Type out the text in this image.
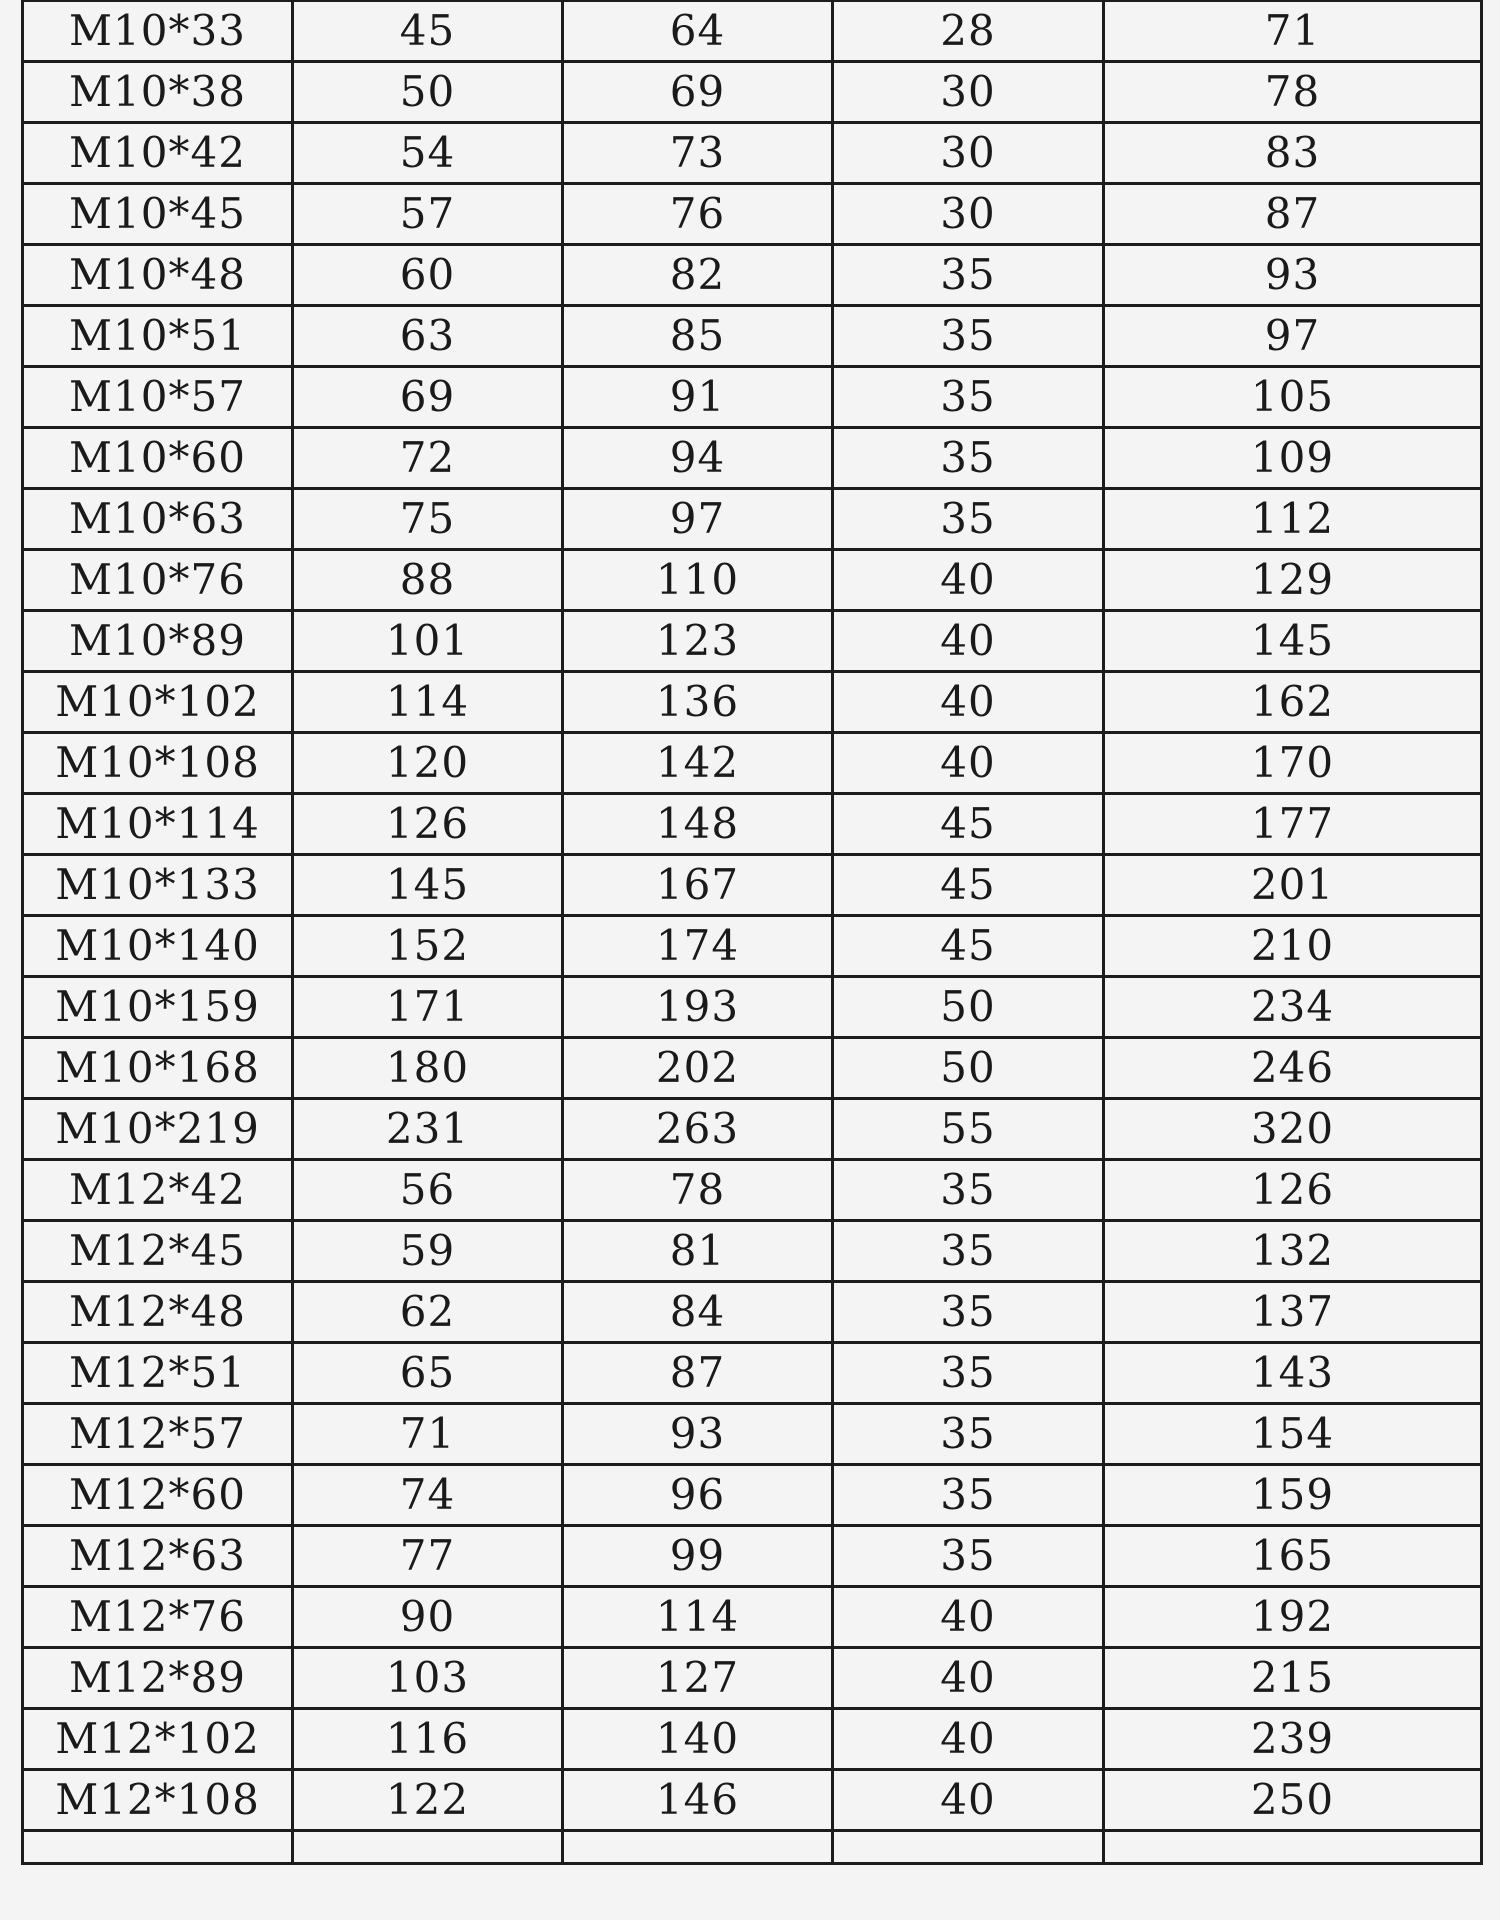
M10*33	45	64	28	71
M10*38	50	69	30	78
M10*42	54	73	30	83
M10*45	57	76	30	87
M10*48	60	82	35	93
M10*51	63	85	35	97
M10*57	69	91	35	105
M10*60	72	94	35	109
M10*63	75	97	35	112
M10*76	88	110	40	129
M10*89	101	123	40	145
M10*102	114	136	40	162
M10*108	120	142	40	170
M10*114	126	148	45	177
M10*133	145	167	45	201
M10*140	152	174	45	210
M10*159	171	193	50	234
M10*168	180	202	50	246
M10*219	231	263	55	320
M12*42	56	78	35	126
M12*45	59	81	35	132
M12*48	62	84	35	137
M12*51	65	87	35	143
M12*57	71	93	35	154
M12*60	74	96	35	159
M12*63	77	99	35	165
M12*76	90	114	40	192
M12*89	103	127	40	215
M12*102	116	140	40	239
M12*108	122	146	40	250
